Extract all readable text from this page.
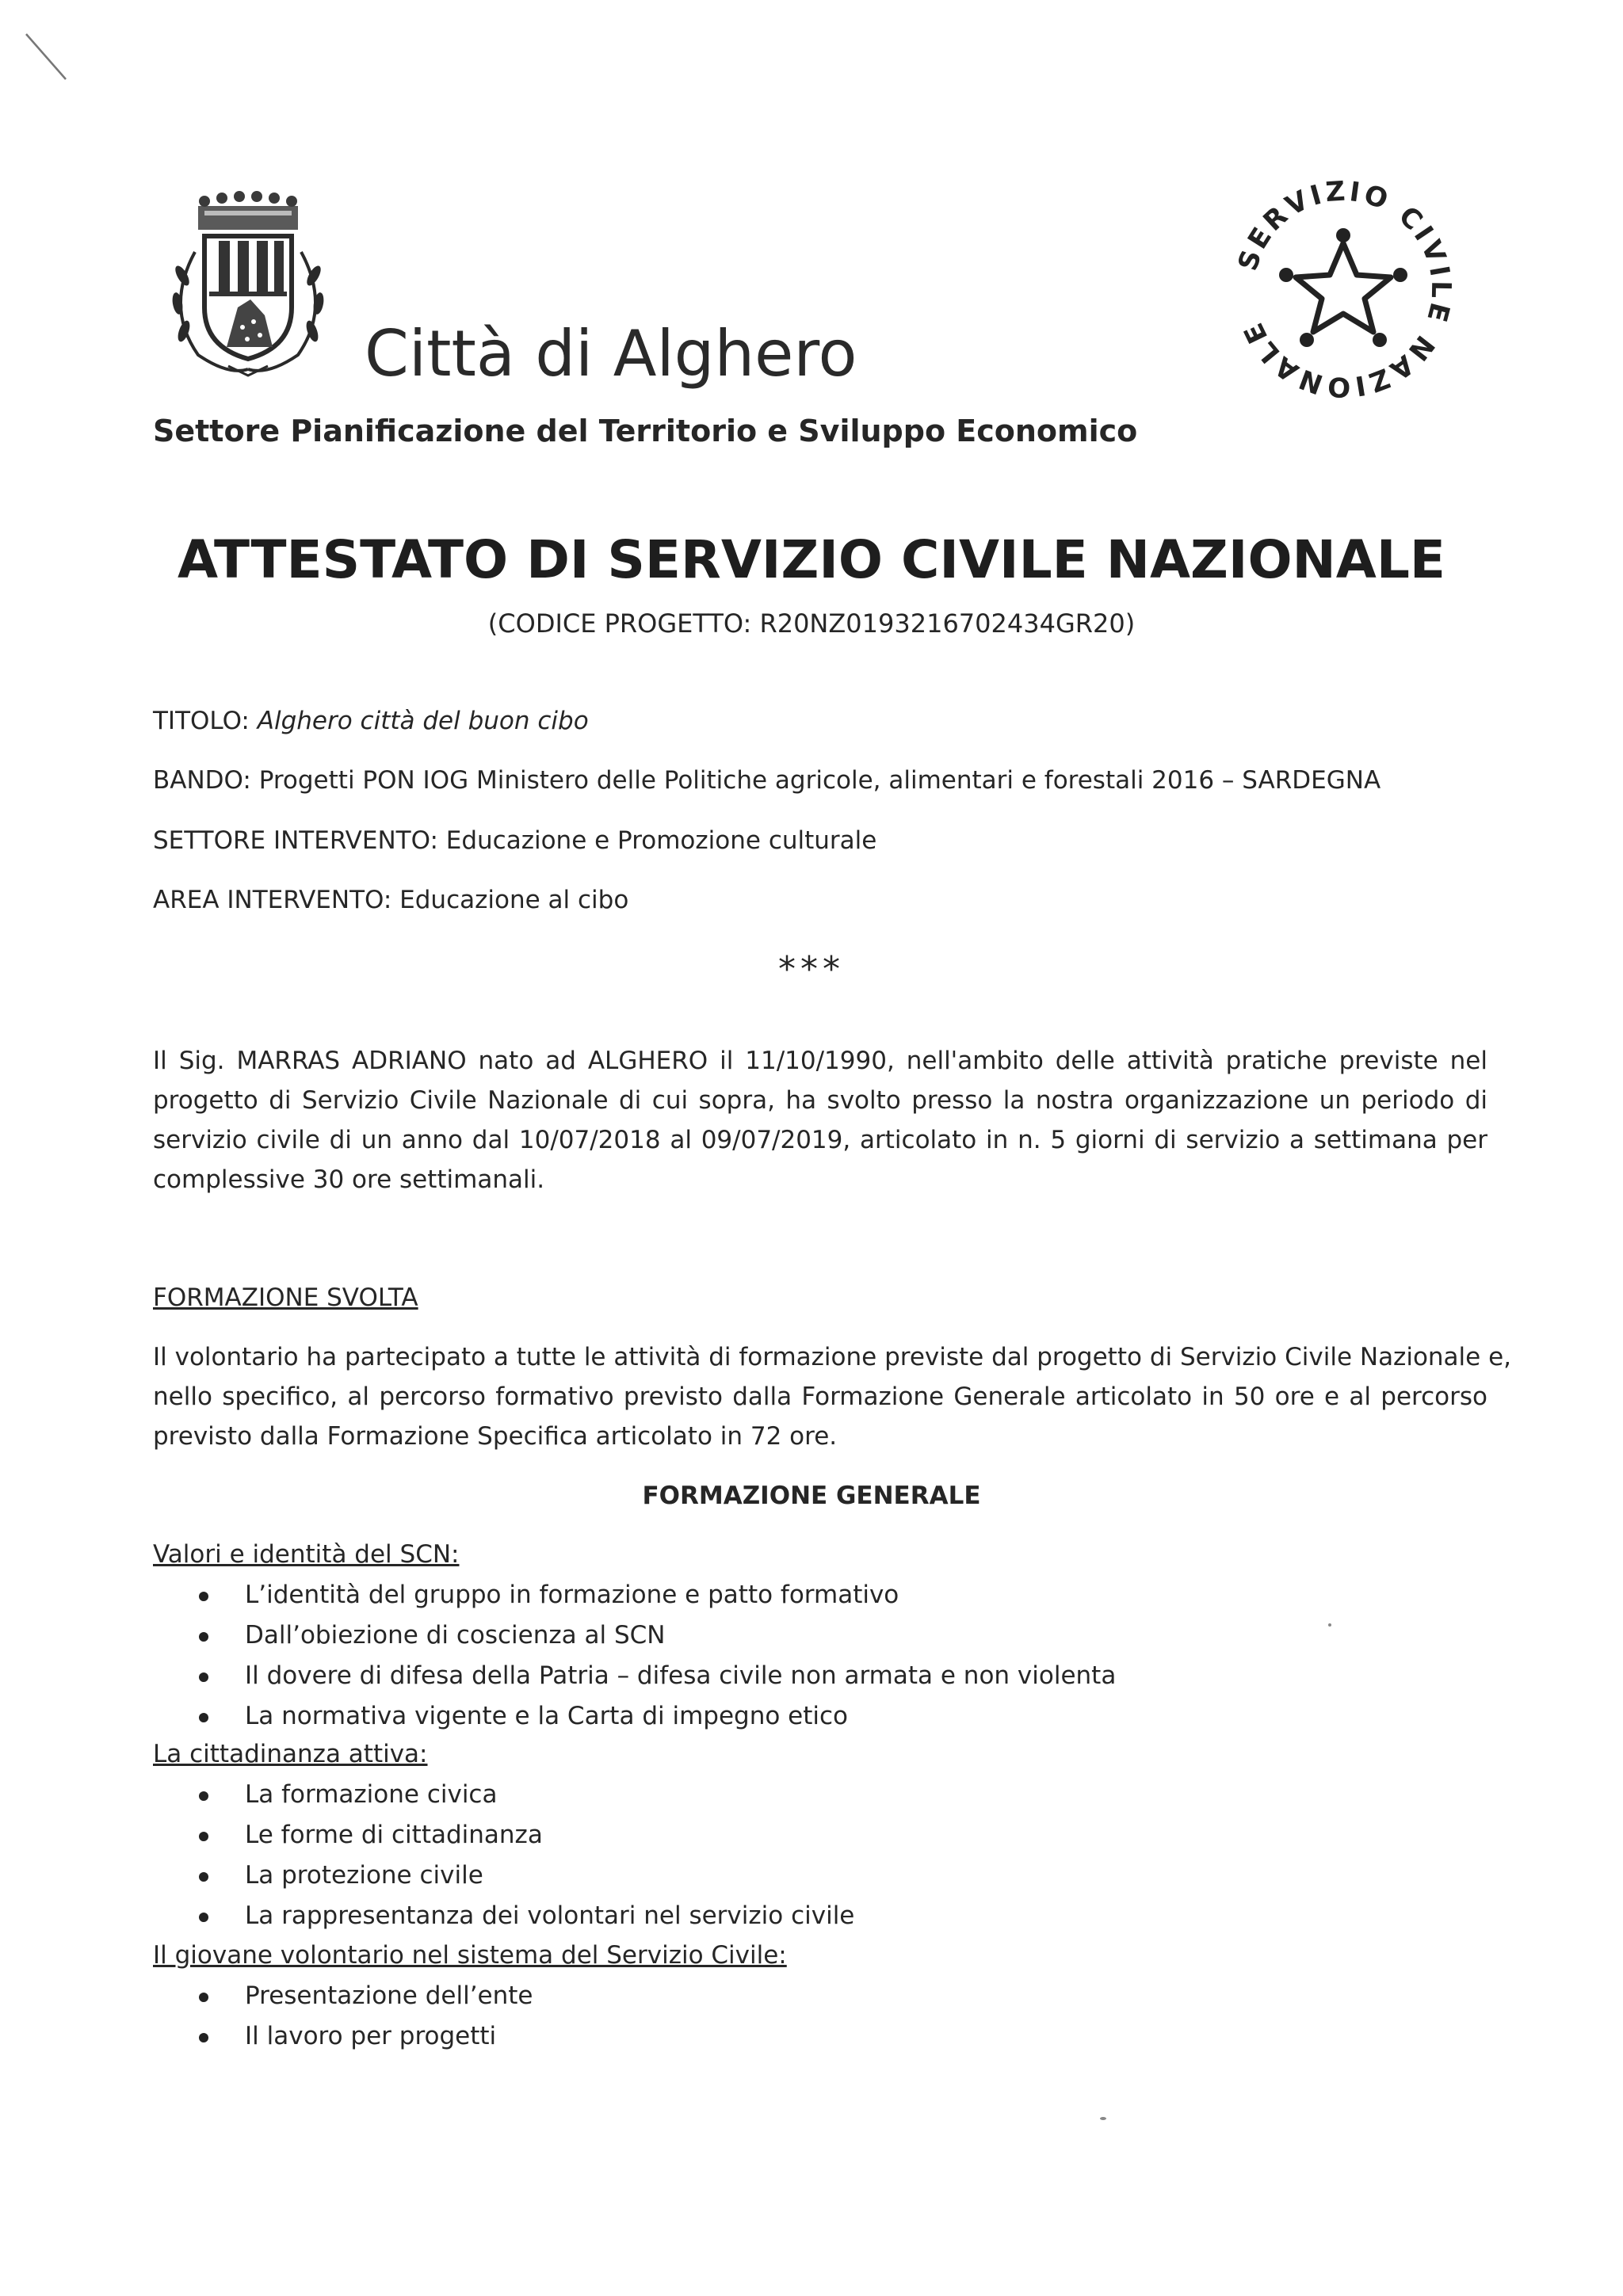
Città di Alghero
Settore Pianificazione del Territorio e Sviluppo Economico
SERVIZIO CIVILE NAZIONALE
ATTESTATO DI SERVIZIO CIVILE NAZIONALE
(CODICE PROGETTO: R20NZ0193216702434GR20)
TITOLO: Alghero città del buon cibo
BANDO: Progetti PON IOG Ministero delle Politiche agricole, alimentari e forestali 2016 – SARDEGNA
SETTORE INTERVENTO: Educazione e Promozione culturale
AREA INTERVENTO: Educazione al cibo
***
Il Sig. MARRAS ADRIANO nato ad ALGHERO il 11/10/1990, nell'ambito delle attività pratiche previste nel
progetto di Servizio Civile Nazionale di cui sopra, ha svolto presso la nostra organizzazione un periodo di
servizio civile di un anno dal 10/07/2018 al 09/07/2019, articolato in n. 5 giorni di servizio a settimana per
complessive 30 ore settimanali.
FORMAZIONE SVOLTA
Il volontario ha partecipato a tutte le attività di formazione previste dal progetto di Servizio Civile Nazionale e,
nello specifico, al percorso formativo previsto dalla Formazione Generale articolato in 50 ore e al percorso
previsto dalla Formazione Specifica articolato in 72 ore.
FORMAZIONE GENERALE
Valori e identità del SCN:
L’identità del gruppo in formazione e patto formativo
Dall’obiezione di coscienza al SCN
Il dovere di difesa della Patria – difesa civile non armata e non violenta
La normativa vigente e la Carta di impegno etico
La cittadinanza attiva:
La formazione civica
Le forme di cittadinanza
La protezione civile
La rappresentanza dei volontari nel servizio civile
Il giovane volontario nel sistema del Servizio Civile:
Presentazione dell’ente
Il lavoro per progetti
